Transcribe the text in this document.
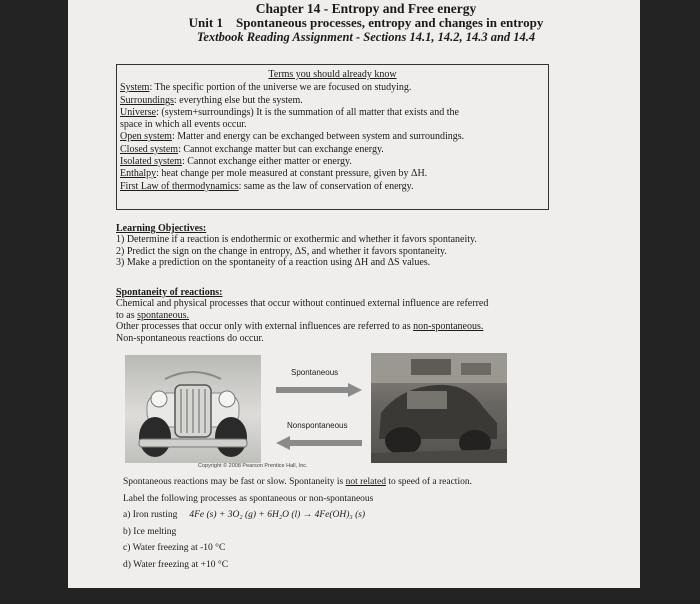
Chapter 14 - Entropy and Free energy
Unit 1    Spontaneous processes, entropy and changes in entropy
Textbook Reading Assignment - Sections 14.1, 14.2, 14.3 and 14.4
Terms you should already know
System: The specific portion of the universe we are focused on studying.
Surroundings: everything else but the system.
Universe: (system+surroundings) It is the summation of all matter that exists and the
space in which all events occur.
Open system: Matter and energy can be exchanged between system and surroundings.
Closed system: Cannot exchange matter but can exchange energy.
Isolated system: Cannot exchange either matter or energy.
Enthalpy: heat change per mole measured at constant pressure, given by ΔH.
First Law of thermodynamics: same as the law of conservation of energy.
Learning Objectives:
1) Determine if a reaction is endothermic or exothermic and whether it favors spontaneity.
2) Predict the sign on the change in entropy, ΔS, and whether it favors spontaneity.
3) Make a prediction on the spontaneity of a reaction using ΔH and ΔS values.
Spontaneity of reactions:
Chemical and physical processes that occur without continued external influence are referred
to as spontaneous.
Other processes that occur only with external influences are referred to as non-spontaneous.
Non-spontaneous reactions do occur.
Spontaneous
Nonspontaneous
Copyright © 2008 Pearson Prentice Hall, Inc.
Spontaneous reactions may be fast or slow. Spontaneity is not related to speed of a reaction.
Label the following processes as spontaneous or non-spontaneous
a) Iron rusting 4Fe (s) + 3O₂ (g) + 6H₂O (l) → 4Fe(OH)₃ (s)
b) Ice melting
c) Water freezing at -10 °C
d) Water freezing at +10 °C
